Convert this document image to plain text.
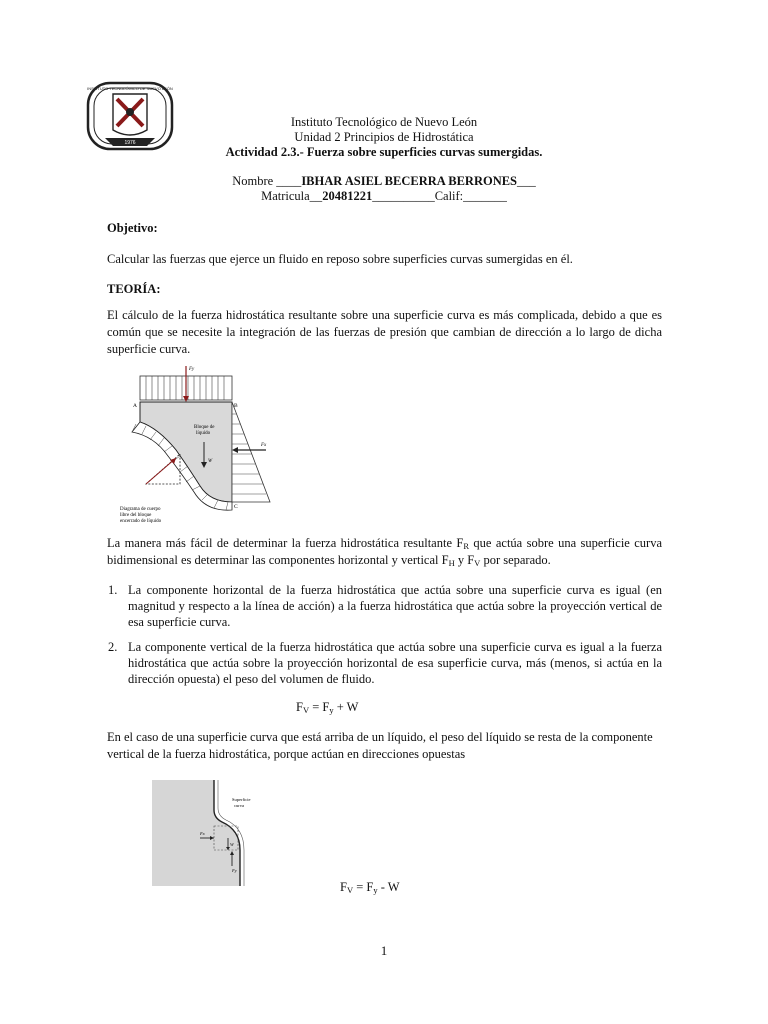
1976
INSTITUTO TECNOLÓGICO DE NUEVO LEÓN
Instituto Tecnológico de Nuevo León
Unidad 2 Principios de Hidrostática
Actividad 2.3.- Fuerza sobre superficies curvas sumergidas.
Nombre ____IBHAR ASIEL BECERRA BERRONES___
Matricula__20481221__________Calif:_______
Objetivo:
Calcular las fuerzas que ejerce un fluido en reposo sobre superficies curvas sumergidas en él.
TEORÍA:
El cálculo de la fuerza hidrostática resultante sobre una superficie curva es más complicada, debido a que es común que se necesite la integración de las fuerzas de presión que cambian de dirección a lo largo de dicha superficie curva.
Fy
Fx
W
A	B
C
Bloque de
líquido
Diagrama de cuerpo
libre del bloque
encerrado de líquido
La manera más fácil de determinar la fuerza hidrostática resultante $F_R$ que actúa sobre una superficie curva bidimensional es determinar las componentes horizontal y vertical $F_H$ y $F_V$ por separado.
1. La componente horizontal de la fuerza hidrostática que actúa sobre una superficie curva es igual (en magnitud y respecto a la línea de acción) a la fuerza hidrostática que actúa sobre la proyección vertical de esa superficie curva.
2. La componente vertical de la fuerza hidrostática que actúa sobre una superficie curva es igual a la fuerza hidrostática que actúa sobre la proyección horizontal de esa superficie curva, más (menos, si actúa en la dirección opuesta) el peso del volumen de fluido.
$F_V = F_y + W$
En el caso de una superficie curva que está arriba de un líquido, el peso del líquido se resta de la componente vertical de la fuerza hidrostática, porque actúan en direcciones opuestas
Superficie
curva
Fx
W
Fy
$F_V = F_y - W$
1
